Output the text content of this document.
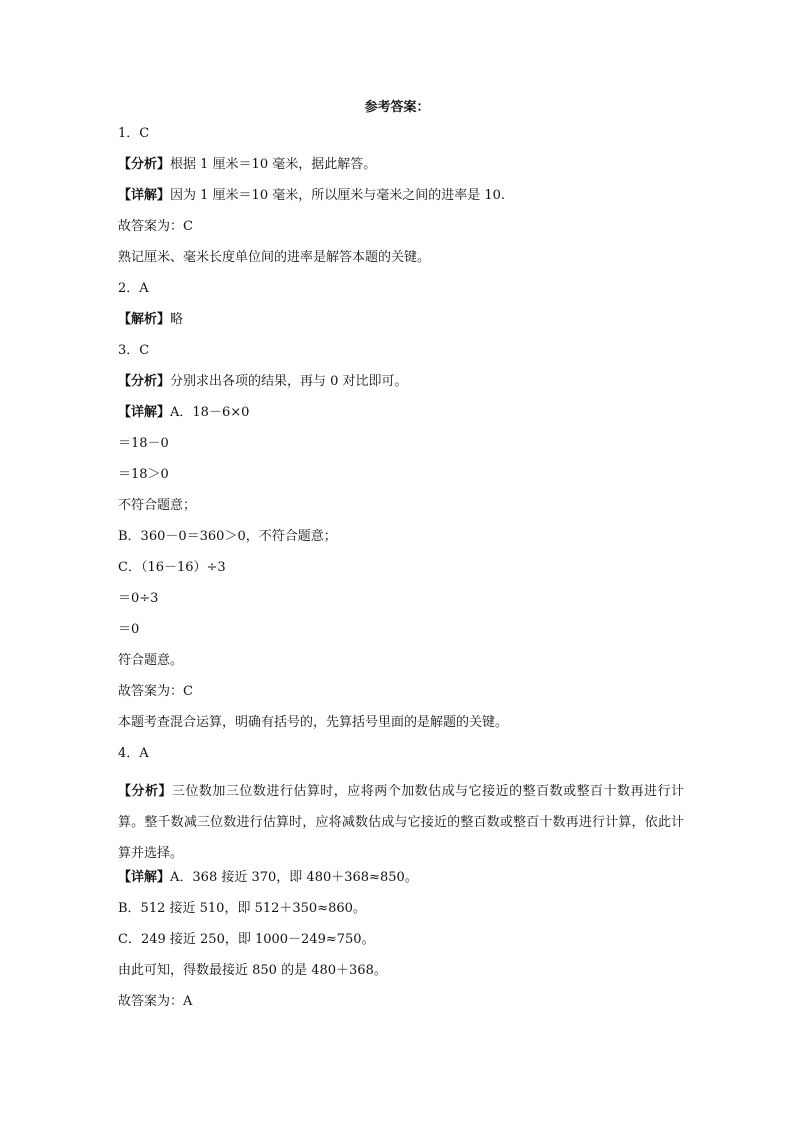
参考答案：
1．C
【分析】根据 1 厘米＝10 毫米，据此解答。
【详解】因为 1 厘米＝10 毫米，所以厘米与毫米之间的进率是 10.
故答案为：C
熟记厘米、毫米长度单位间的进率是解答本题的关键。
2．A
【解析】略
3．C
【分析】分别求出各项的结果，再与 0 对比即可。
【详解】A．18－6×0
＝18－0
＝18＞0
不符合题意；
B．360－0＝360＞0，不符合题意；
C．（16－16）÷3
＝0÷3
＝0
符合题意。
故答案为：C
本题考查混合运算，明确有括号的，先算括号里面的是解题的关键。
4．A
【分析】三位数加三位数进行估算时，应将两个加数估成与它接近的整百数或整百十数再进行计算。整千数减三位数进行估算时，应将减数估成与它接近的整百数或整百十数再进行计算，依此计算并选择。
【详解】A．368 接近 370，即 480＋368≈850。
B．512 接近 510，即 512＋350≈860。
C．249 接近 250，即 1000－249≈750。
由此可知，得数最接近 850 的是 480＋368。
故答案为：A
